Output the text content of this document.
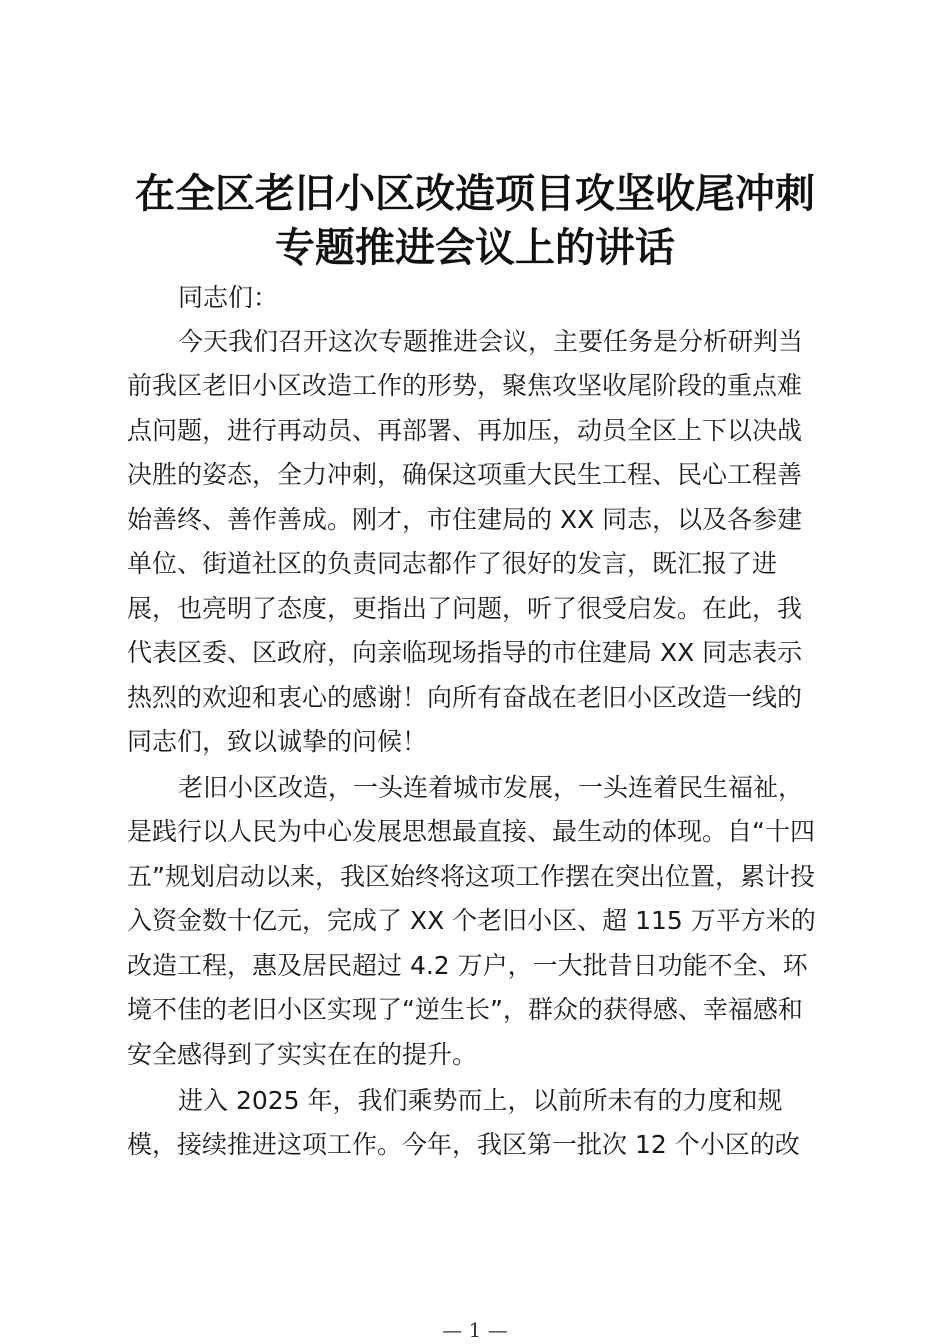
在全区老旧小区改造项目攻坚收尾冲刺
专题推进会议上的讲话
同志们：
今天我们召开这次专题推进会议，主要任务是分析研判当
前我区老旧小区改造工作的形势，聚焦攻坚收尾阶段的重点难
点问题，进行再动员、再部署、再加压，动员全区上下以决战
决胜的姿态，全力冲刺，确保这项重大民生工程、民心工程善
始善终、善作善成。刚才，市住建局的 XX 同志，以及各参建
单位、街道社区的负责同志都作了很好的发言，既汇报了进
展，也亮明了态度，更指出了问题，听了很受启发。在此，我
代表区委、区政府，向亲临现场指导的市住建局 XX 同志表示
热烈的欢迎和衷心的感谢！向所有奋战在老旧小区改造一线的
同志们，致以诚挚的问候！
老旧小区改造，一头连着城市发展，一头连着民生福祉，
是践行以人民为中心发展思想最直接、最生动的体现。自“十四
五”规划启动以来，我区始终将这项工作摆在突出位置，累计投
入资金数十亿元，完成了 XX 个老旧小区、超 115 万平方米的
改造工程，惠及居民超过 4.2 万户，一大批昔日功能不全、环
境不佳的老旧小区实现了“逆生长”，群众的获得感、幸福感和
安全感得到了实实在在的提升。
进入 2025 年，我们乘势而上，以前所未有的力度和规
模，接续推进这项工作。今年，我区第一批次 12 个小区的改
— 1 —
